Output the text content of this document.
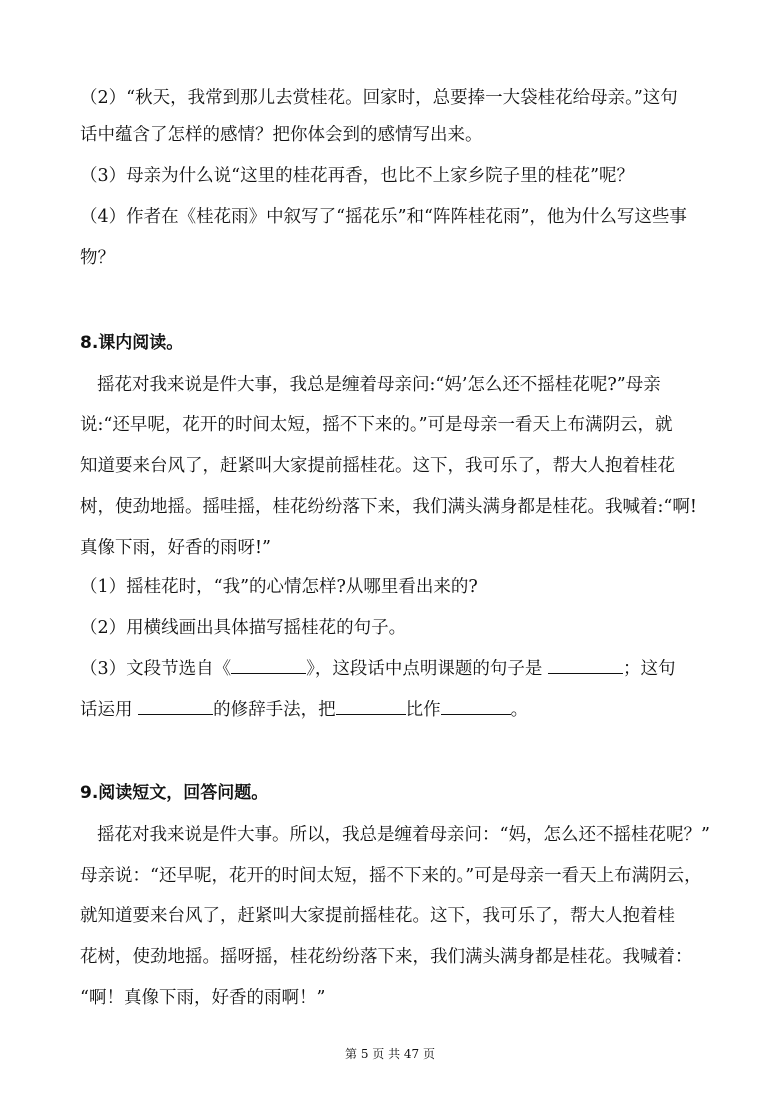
（2）“秋天，我常到那儿去赏桂花。回家时，总要捧一大袋桂花给母亲。”这句
话中蕴含了怎样的感情？把你体会到的感情写出来。
（3）母亲为什么说“这里的桂花再香，也比不上家乡院子里的桂花”呢？
（4）作者在《桂花雨》中叙写了“摇花乐”和“阵阵桂花雨”，他为什么写这些事
物？
8.课内阅读。
摇花对我来说是件大事，我总是缠着母亲问:“妈’怎么还不摇桂花呢?”母亲
说:“还早呢，花开的时间太短，摇不下来的。”可是母亲一看天上布满阴云，就
知道要来台风了，赶紧叫大家提前摇桂花。这下，我可乐了，帮大人抱着桂花
树，使劲地摇。摇哇摇，桂花纷纷落下来，我们满头满身都是桂花。我喊着:“啊!
真像下雨，好香的雨呀!”
（1）摇桂花时，“我”的心情怎样?从哪里看出来的?
（2）用横线画出具体描写摇桂花的句子。
（3）文段节选自《	》，这段话中点明课题的句子是	；这句
话运用	的修辞手法，把	比作	。
9.阅读短文，回答问题。
摇花对我来说是件大事。所以，我总是缠着母亲问：“妈，怎么还不摇桂花呢？”
母亲说：“还早呢，花开的时间太短，摇不下来的。”可是母亲一看天上布满阴云，
就知道要来台风了，赶紧叫大家提前摇桂花。这下，我可乐了，帮大人抱着桂
花树，使劲地摇。摇呀摇，桂花纷纷落下来，我们满头满身都是桂花。我喊着：
“啊！真像下雨，好香的雨啊！”
第 5 页 共 47 页
